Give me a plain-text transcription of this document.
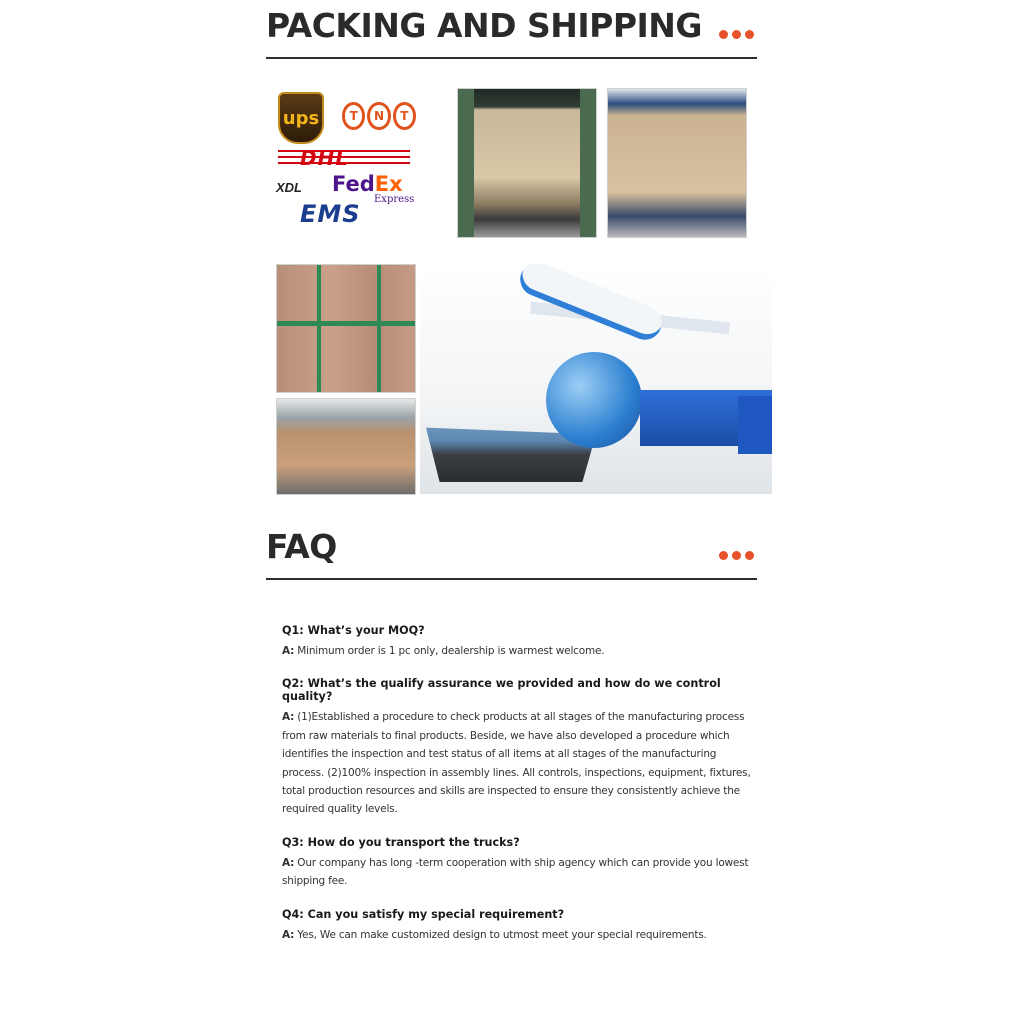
PACKING AND SHIPPING
ups	T	N	T
DHL
XDL FedEx
Express
EMS
FAQ
Q1: What’s your MOQ?
A: Minimum order is 1 pc only, dealership is warmest welcome.
Q2: What’s the qualify assurance we provided and how do we control quality?
A: (1)Established a procedure to check products at all stages of the manufacturing process from raw materials to final products. Beside, we have also developed a procedure which identifies the inspection and test status of all items at all stages of the manufacturing process. (2)100% inspection in assembly lines. All controls, inspections, equipment, fixtures, total production resources and skills are inspected to ensure they consistently achieve the required quality levels.
Q3: How do you transport the trucks?
A: Our company has long -term cooperation with ship agency which can provide you lowest shipping fee.
Q4: Can you satisfy my special requirement?
A: Yes, We can make customized design to utmost meet your special requirements.
